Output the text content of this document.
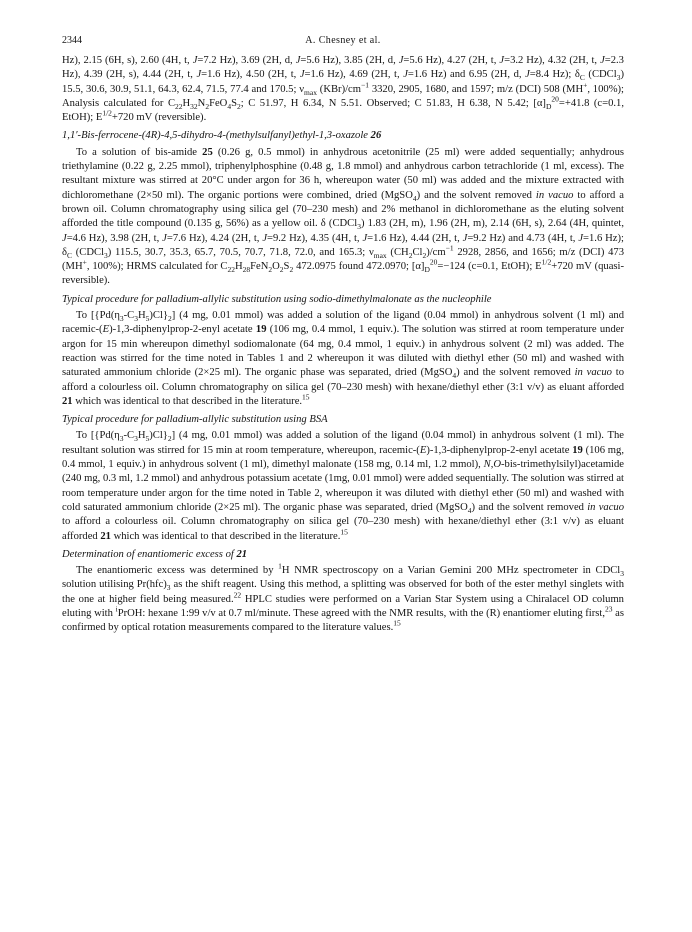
2344	A. Chesney et al.

Hz), 2.15 (6H, s), 2.60 (4H, t, J=7.2 Hz), 3.69 (2H, d, J=5.6 Hz), 3.85 (2H, d, J=5.6 Hz), 4.27 (2H, t, J=3.2 Hz), 4.32 (2H, t, J=2.3 Hz), 4.39 (2H, s), 4.44 (2H, t, J=1.6 Hz), 4.50 (2H, t, J=1.6 Hz), 4.69 (2H, t, J=1.6 Hz) and 6.95 (2H, d, J=8.4 Hz); $\delta_C$ (CDCl$_3$) 15.5, 30.6, 30.9, 51.1, 64.3, 62.4, 71.5, 77.4 and 170.5; $\nu_{max}$ $(KBr)/cm^{-1}$ 3320, 2905, 1680, and 1597; m/z (DCI) 508 (MH+, 100%); Analysis calculated for $C_{22}H_{32}N_2FeO_4S_2$; C 51.97, H 6.34, N 5.51. Observed; C 51.83, H 6.38, N 5.42; $[\alpha]_D^{20}=+41.8$ (c=0.1, EtOH); $E^{1/2}+720$ mV (reversible).

1,1′-Bis-ferrocene-(4R)-4,5-dihydro-4-(methylsulfanyl)ethyl-1,3-oxazole 26

To a solution of bis-amide 25 (0.26 g, 0.5 mmol) in anhydrous acetonitrile (25 ml) were added sequentially; anhydrous triethylamine (0.22 g, 2.25 mmol), triphenylphosphine (0.48 g, 1.8 mmol) and anhydrous carbon tetrachloride (1 ml, excess). The resultant mixture was stirred at 20°C under argon for 36 h, whereupon water (50 ml) was added and the mixture extracted with dichloromethane (2×50 ml). The organic portions were combined, dried (MgSO$_4$) and the solvent removed in vacuo to afford a brown oil. Column chromatography using silica gel (70–230 mesh) and 2% methanol in dichloromethane as the eluting solvent afforded the title compound (0.135 g, 56%) as a yellow oil. δ (CDCl$_3$) 1.83 (2H, m), 1.96 (2H, m), 2.14 (6H, s), 2.64 (4H, quintet, J=4.6 Hz), 3.98 (2H, t, J=7.6 Hz), 4.24 (2H, t, J=9.2 Hz), 4.35 (4H, t, J=1.6 Hz), 4.44 (2H, t, J=9.2 Hz) and 4.73 (4H, t, J=1.6 Hz); $\delta_C$ (CDCl$_3$) 115.5, 30.7, 35.3, 65.7, 70.5, 70.7, 71.8, 72.0, and 165.3; $\nu_{max}$ $(CH_2Cl_2)/cm^{-1}$ 2928, 2856, and 1656; m/z (DCI) 473 (MH+, 100%); HRMS calculated for $C_{22}H_{28}FeN_2O_2S_2$ 472.0975 found 472.0970; $[\alpha]_D^{20}=-124$ (c=0.1, EtOH); $E^{1/2}+720$ mV (quasi-reversible).

Typical procedure for palladium-allylic substitution using sodio-dimethylmalonate as the nucleophile

To $[\{Pd(\eta_3-C_3H_5)Cl\}_2]$ (4 mg, 0.01 mmol) was added a solution of the ligand (0.04 mmol) in anhydrous solvent (1 ml) and racemic-(E)-1,3-diphenylprop-2-enyl acetate 19 (106 mg, 0.4 mmol, 1 equiv.). The solution was stirred at room temperature under argon for 15 min whereupon dimethyl sodiomalonate (64 mg, 0.4 mmol, 1 equiv.) in anhydrous solvent (2 ml) was added. The reaction was stirred for the time noted in Tables 1 and 2 whereupon it was diluted with diethyl ether (50 ml) and washed with saturated ammonium chloride (2×25 ml). The organic phase was separated, dried (MgSO$_4$) and the solvent removed in vacuo to afford a colourless oil. Column chromatography on silica gel (70–230 mesh) with hexane/diethyl ether (3:1 v/v) as eluant afforded 21 which was identical to that described in the literature.$^{15}$

Typical procedure for palladium-allylic substitution using BSA

To $[\{Pd(\eta_3-C_3H_5)Cl\}_2]$ (4 mg, 0.01 mmol) was added a solution of the ligand (0.04 mmol) in anhydrous solvent (1 ml). The resultant solution was stirred for 15 min at room temperature, whereupon, racemic-(E)-1,3-diphenylprop-2-enyl acetate 19 (106 mg, 0.4 mmol, 1 equiv.) in anhydrous solvent (1 ml), dimethyl malonate (158 mg, 0.14 ml, 1.2 mmol), N,O-bis-trimethylsilyl)acetamide (240 mg, 0.3 ml, 1.2 mmol) and anhydrous potassium acetate (1mg, 0.01 mmol) were added sequentially. The solution was stirred at room temperature under argon for the time noted in Table 2, whereupon it was diluted with diethyl ether (50 ml) and washed with cold saturated ammonium chloride (2×25 ml). The organic phase was separated, dried (MgSO$_4$) and the solvent removed in vacuo to afford a colourless oil. Column chromatography on silica gel (70–230 mesh) with hexane/diethyl ether (3:1 v/v) as eluant afforded 21 which was identical to that described in the literature.$^{15}$

Determination of enantiomeric excess of 21

The enantiomeric excess was determined by $^1$H NMR spectroscopy on a Varian Gemini 200 MHz spectrometer in CDCl$_3$ solution utilising $Pr(hfc)_3$ as the shift reagent. Using this method, a splitting was observed for both of the ester methyl singlets with the one at higher field being measured.$^{22}$ HPLC studies were performed on a Varian Star System using a Chiralacel OD column eluting with $^i$PrOH: hexane 1:99 v/v at 0.7 ml/minute. These agreed with the NMR results, with the (R) enantiomer eluting first,$^{23}$ as confirmed by optical rotation measurements compared to the literature values.$^{15}$
